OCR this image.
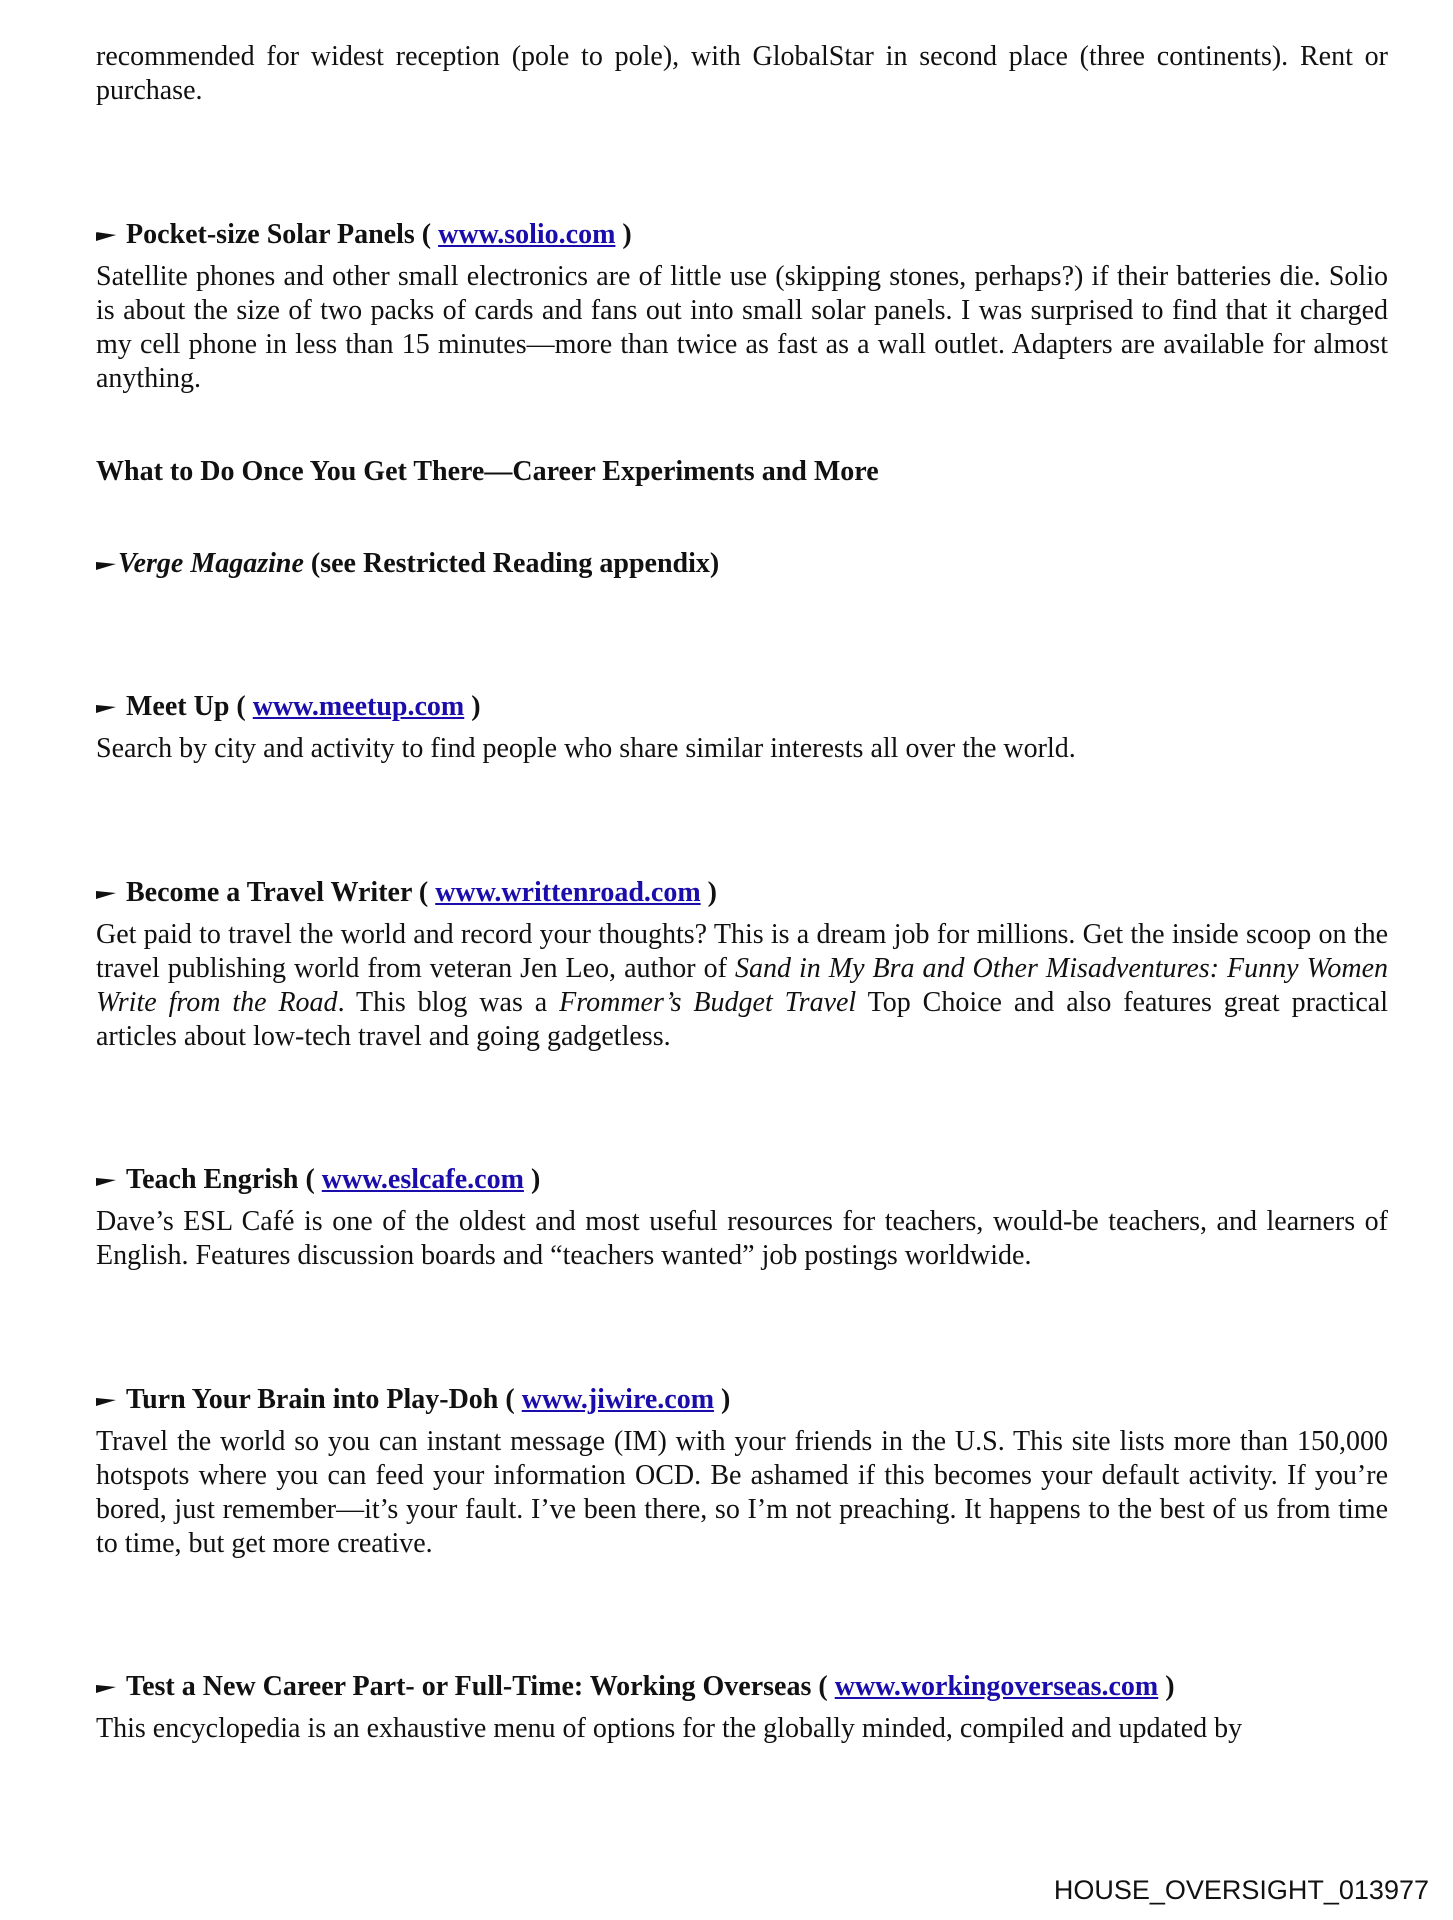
recommended for widest reception (pole to pole), with GlobalStar in second place (three continents). Rent or purchase.

Pocket-size Solar Panels ( www.solio.com )

Satellite phones and other small electronics are of little use (skipping stones, perhaps?) if their batteries die. Solio is about the size of two packs of cards and fans out into small solar panels. I was surprised to find that it charged my cell phone in less than 15 minutes—more than twice as fast as a wall outlet. Adapters are available for almost anything.

What to Do Once You Get There—Career Experiments and More

Verge Magazine (see Restricted Reading appendix)

Meet Up ( www.meetup.com )

Search by city and activity to find people who share similar interests all over the world.

Become a Travel Writer ( www.writtenroad.com )

Get paid to travel the world and record your thoughts? This is a dream job for millions. Get the inside scoop on the travel publishing world from veteran Jen Leo, author of Sand in My Bra and Other Misadventures: Funny Women Write from the Road. This blog was a Frommer’s Budget Travel Top Choice and also features great practical articles about low-tech travel and going gadgetless.

Teach Engrish ( www.eslcafe.com )

Dave’s ESL Café is one of the oldest and most useful resources for teachers, would-be teachers, and learners of English. Features discussion boards and “teachers wanted” job postings worldwide.

Turn Your Brain into Play-Doh ( www.jiwire.com )

Travel the world so you can instant message (IM) with your friends in the U.S. This site lists more than 150,000 hotspots where you can feed your information OCD. Be ashamed if this becomes your default activity. If you’re bored, just remember—it’s your fault. I’ve been there, so I’m not preaching. It happens to the best of us from time to time, but get more creative.

Test a New Career Part- or Full-Time: Working Overseas ( www.workingoverseas.com )

This encyclopedia is an exhaustive menu of options for the globally minded, compiled and updated by

HOUSE_OVERSIGHT_013977
